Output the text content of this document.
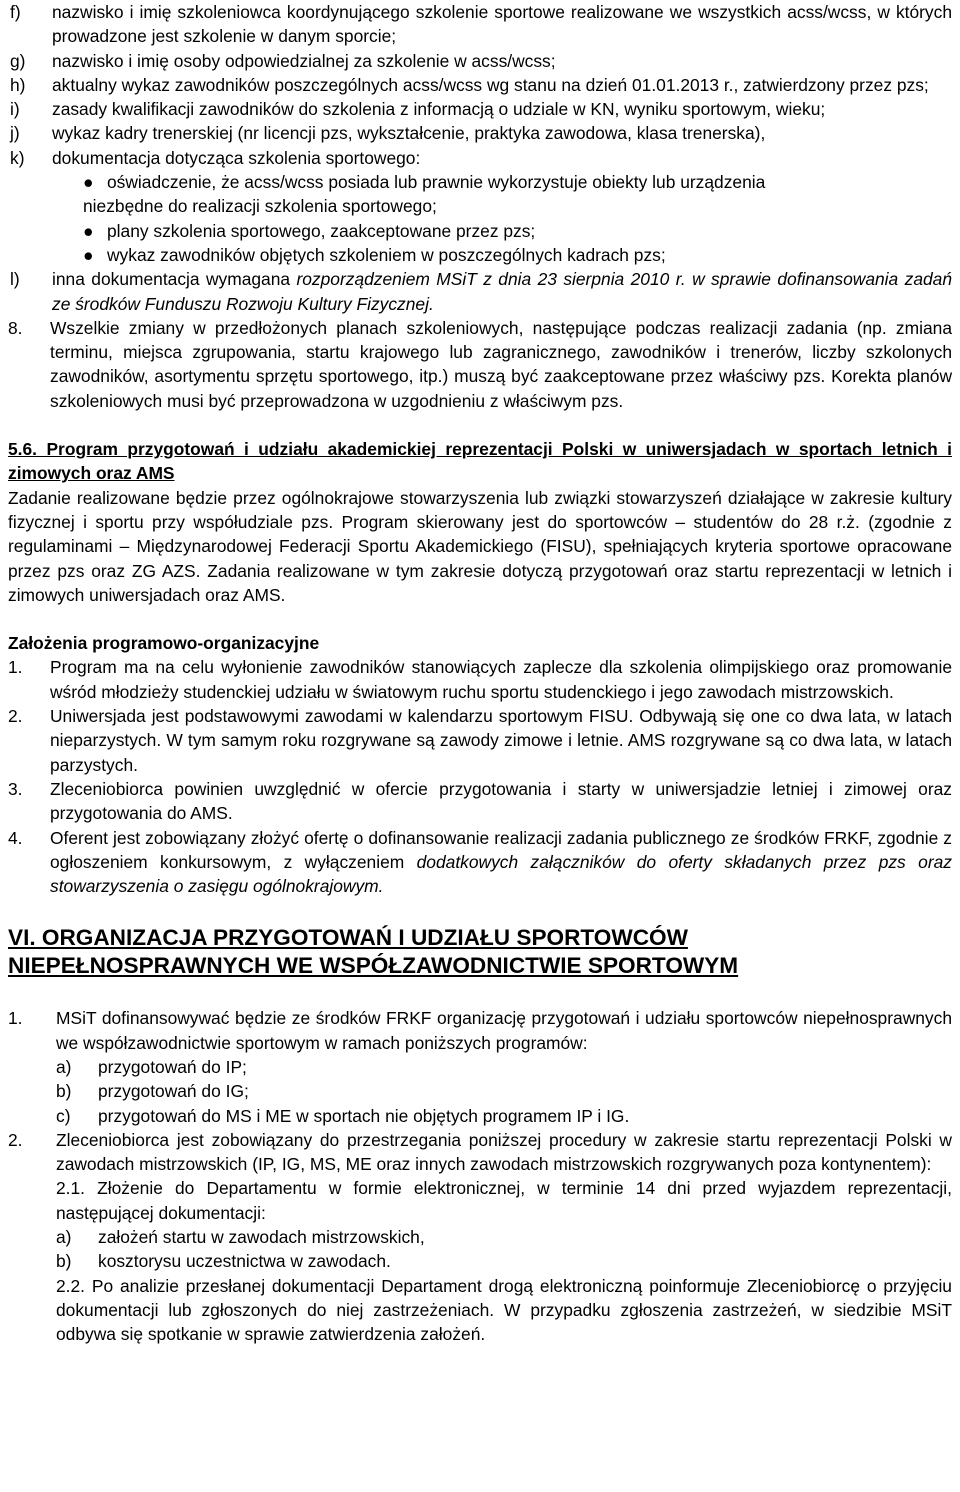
f)	nazwisko i imię szkoleniowca koordynującego szkolenie sportowe realizowane we wszystkich acss/wcss, w których prowadzone jest szkolenie w danym sporcie;
g)	nazwisko i imię osoby odpowiedzialnej za szkolenie w acss/wcss;
h)	aktualny wykaz zawodników poszczególnych acss/wcss wg stanu na dzień 01.01.2013 r., zatwierdzony przez pzs;
i)	zasady kwalifikacji zawodników do szkolenia z informacją o udziale w KN, wyniku sportowym, wieku;
j)	wykaz kadry trenerskiej (nr licencji pzs, wykształcenie, praktyka zawodowa, klasa trenerska),
k)	dokumentacja dotycząca szkolenia sportowego:
● oświadczenie, że acss/wcss posiada lub prawnie wykorzystuje obiekty lub urządzenia
niezbędne do realizacji szkolenia sportowego;
● plany szkolenia sportowego, zaakceptowane przez pzs;
● wykaz zawodników objętych szkoleniem w poszczególnych kadrach pzs;
l)	inna dokumentacja wymagana rozporządzeniem MSiT z dnia 23 sierpnia 2010 r. w sprawie dofinansowania zadań ze środków Funduszu Rozwoju Kultury Fizycznej.
8.	Wszelkie zmiany w przedłożonych planach szkoleniowych, następujące podczas realizacji zadania (np. zmiana terminu, miejsca zgrupowania, startu krajowego lub zagranicznego, zawodników i trenerów, liczby szkolonych zawodników, asortymentu sprzętu sportowego, itp.) muszą być zaakceptowane przez właściwy pzs. Korekta planów szkoleniowych musi być przeprowadzona w uzgodnieniu z właściwym pzs.
5.6. Program przygotowań i udziału akademickiej reprezentacji Polski w uniwersjadach w sportach letnich i zimowych oraz AMS
Zadanie realizowane będzie przez ogólnokrajowe stowarzyszenia lub związki stowarzyszeń działające w zakresie kultury fizycznej i sportu przy współudziale pzs. Program skierowany jest do sportowców – studentów do 28 r.ż. (zgodnie z regulaminami – Międzynarodowej Federacji Sportu Akademickiego (FISU), spełniających kryteria sportowe opracowane przez pzs oraz ZG AZS. Zadania realizowane w tym zakresie dotyczą przygotowań oraz startu reprezentacji w letnich i zimowych uniwersjadach oraz AMS.
Założenia programowo-organizacyjne
1.	Program ma na celu wyłonienie zawodników stanowiących zaplecze dla szkolenia olimpijskiego oraz promowanie wśród młodzieży studenckiej udziału w światowym ruchu sportu studenckiego i jego zawodach mistrzowskich.
2.	Uniwersjada jest podstawowymi zawodami w kalendarzu sportowym FISU. Odbywają się one co dwa lata, w latach nieparzystych. W tym samym roku rozgrywane są zawody zimowe i letnie. AMS rozgrywane są co dwa lata, w latach parzystych.
3.	Zleceniobiorca powinien uwzględnić w ofercie przygotowania i starty w uniwersjadzie letniej i zimowej oraz przygotowania do AMS.
4.	Oferent jest zobowiązany złożyć ofertę o dofinansowanie realizacji zadania publicznego ze środków FRKF, zgodnie z ogłoszeniem konkursowym, z wyłączeniem dodatkowych załączników do oferty składanych przez pzs oraz stowarzyszenia o zasięgu ogólnokrajowym.
VI. ORGANIZACJA PRZYGOTOWAŃ I UDZIAŁU SPORTOWCÓW
NIEPEŁNOSPRAWNYCH WE WSPÓŁZAWODNICTWIE SPORTOWYM
1.	MSiT dofinansowywać będzie ze środków FRKF organizację przygotowań i udziału sportowców niepełnosprawnych we współzawodnictwie sportowym w ramach poniższych programów:
a)	przygotowań do IP;
b)	przygotowań do IG;
c)	przygotowań do MS i ME w sportach nie objętych programem IP i IG.
2.	Zleceniobiorca jest zobowiązany do przestrzegania poniższej procedury w zakresie startu reprezentacji Polski w zawodach mistrzowskich (IP, IG, MS, ME oraz innych zawodach mistrzowskich rozgrywanych poza kontynentem):
2.1. Złożenie do Departamentu w formie elektronicznej, w terminie 14 dni przed wyjazdem reprezentacji, następującej dokumentacji:
a)	założeń startu w zawodach mistrzowskich,
b)	kosztorysu uczestnictwa w zawodach.
2.2. Po analizie przesłanej dokumentacji Departament drogą elektroniczną poinformuje Zleceniobiorcę o przyjęciu dokumentacji lub zgłoszonych do niej zastrzeżeniach. W przypadku zgłoszenia zastrzeżeń, w siedzibie MSiT odbywa się spotkanie w sprawie zatwierdzenia założeń.
